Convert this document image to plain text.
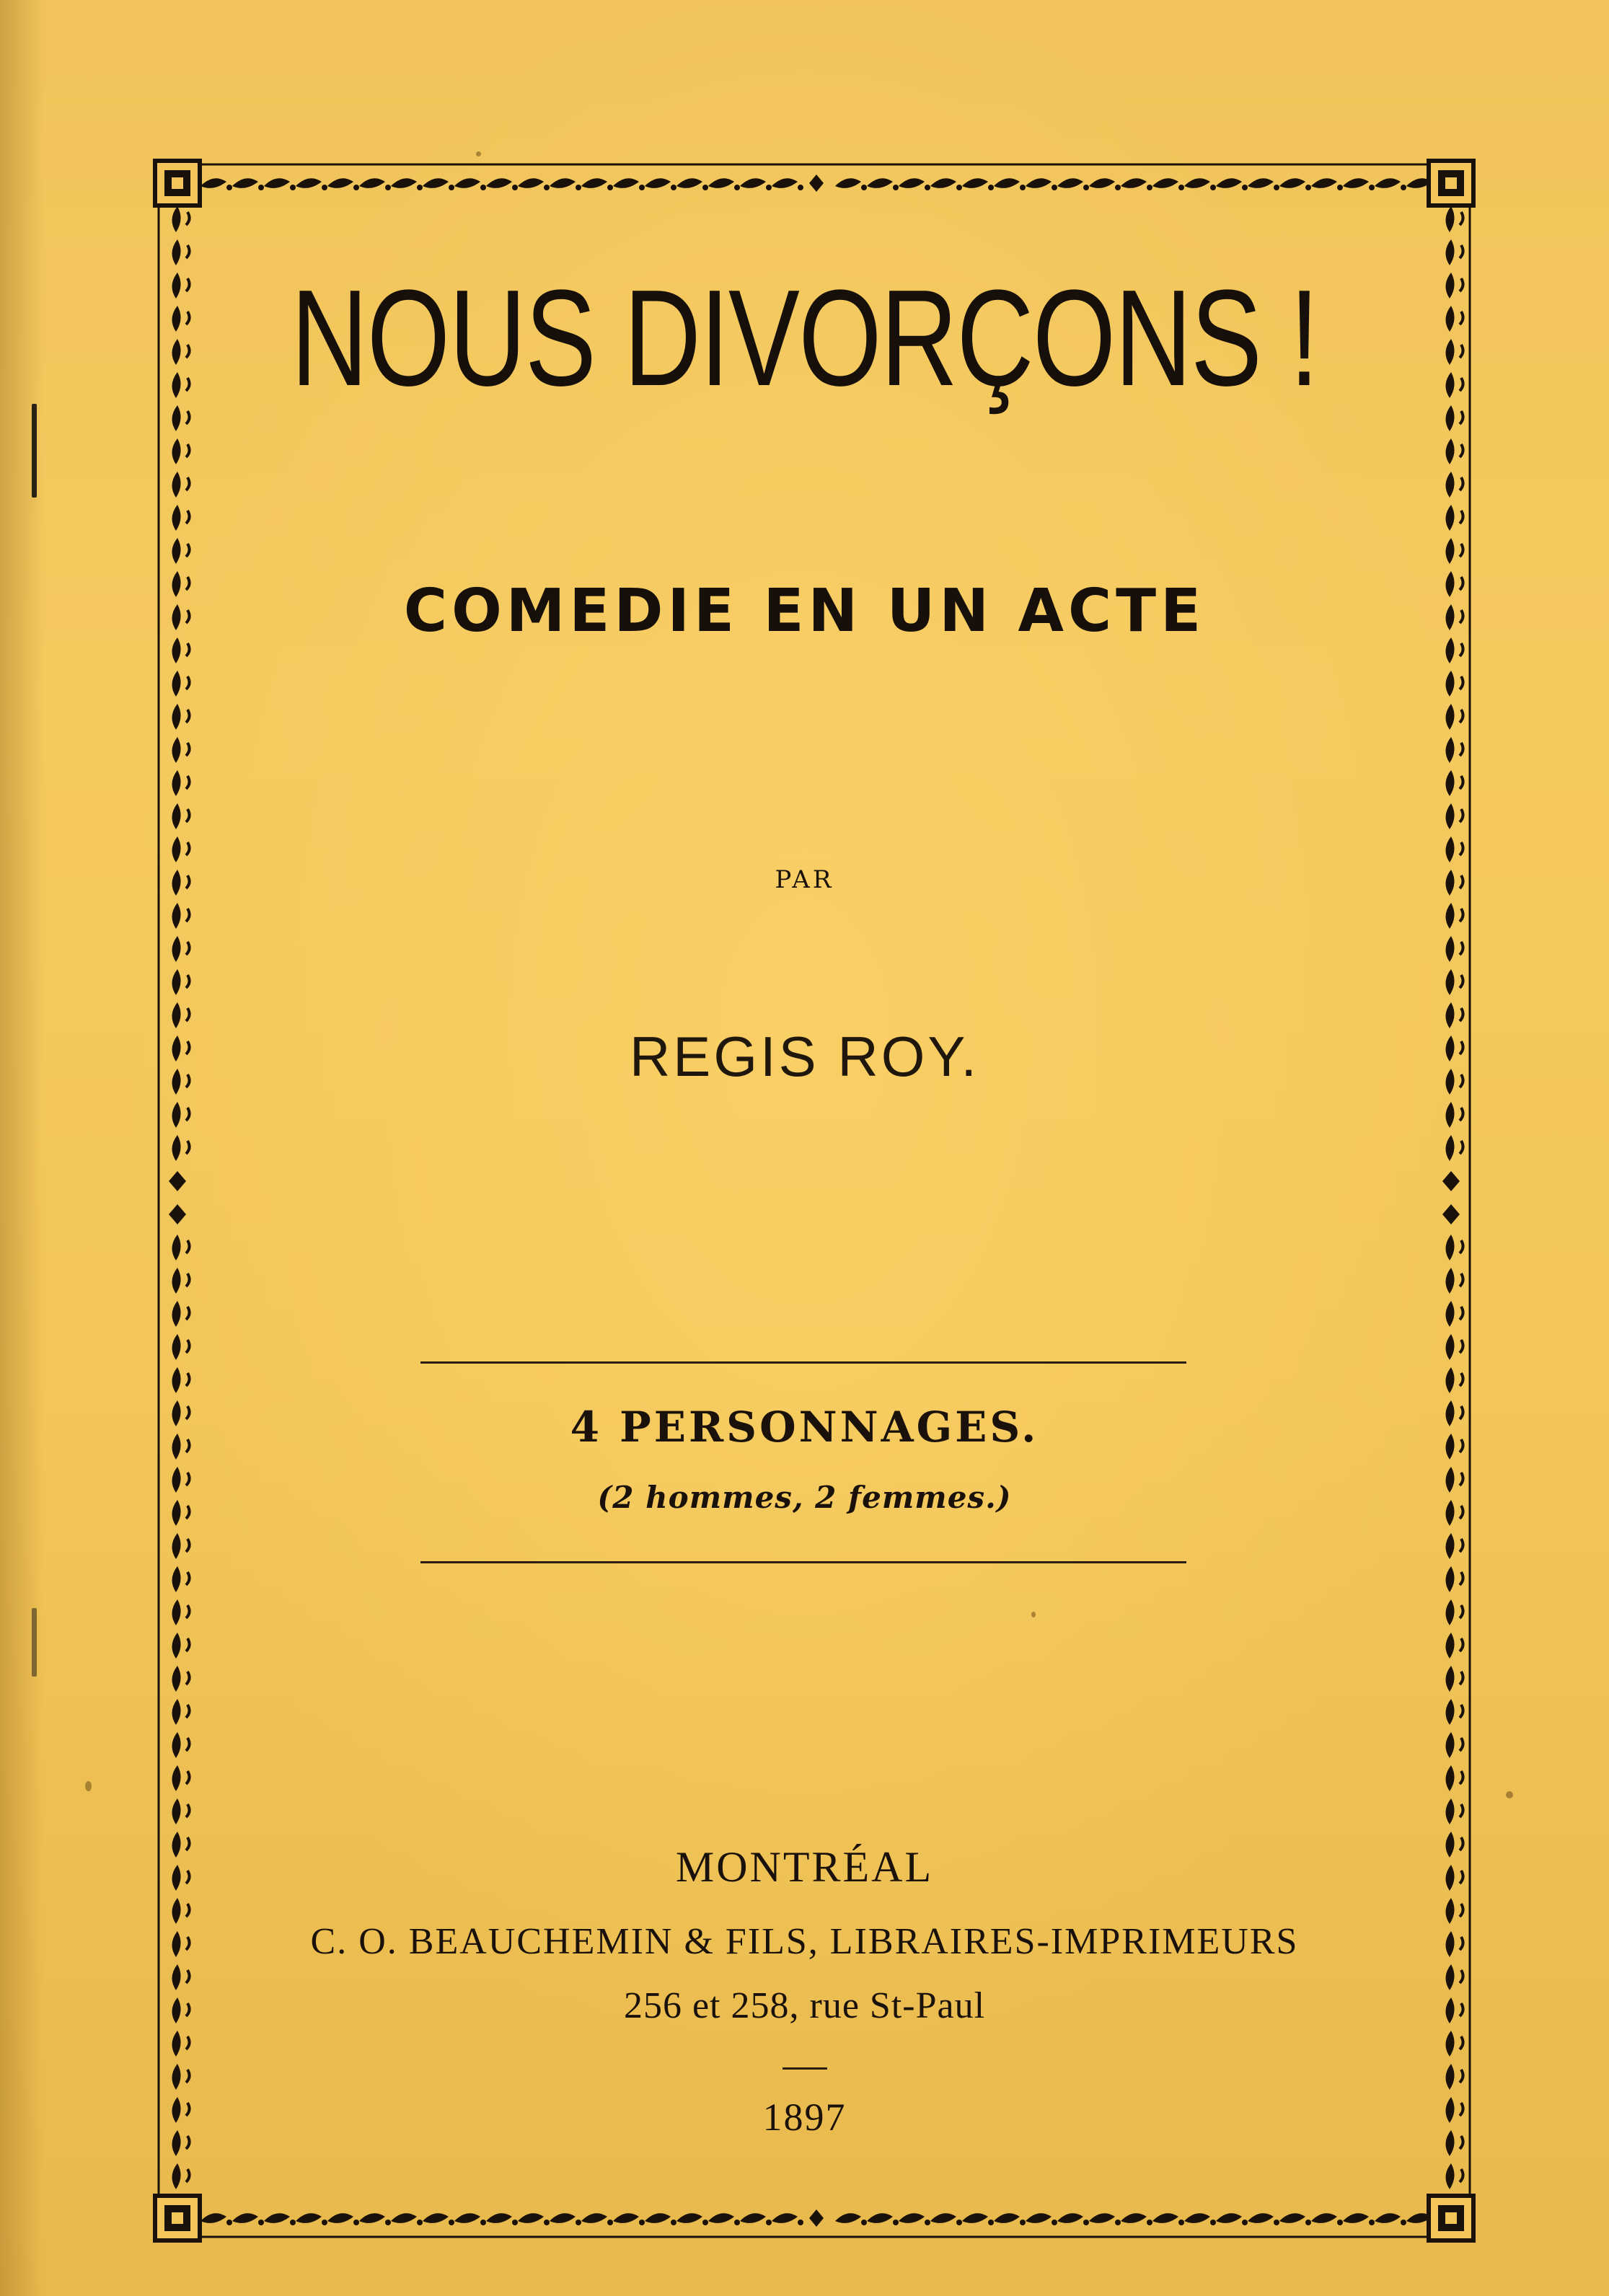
NOUS DIVORÇONS !
COMEDIE EN UN ACTE
PAR
REGIS ROY.
4 PERSONNAGES.
(2 hommes, 2 femmes.)
MONTRÉAL
C. O. BEAUCHEMIN & FILS, LIBRAIRES-IMPRIMEURS
256 et 258, rue St-Paul
1897
